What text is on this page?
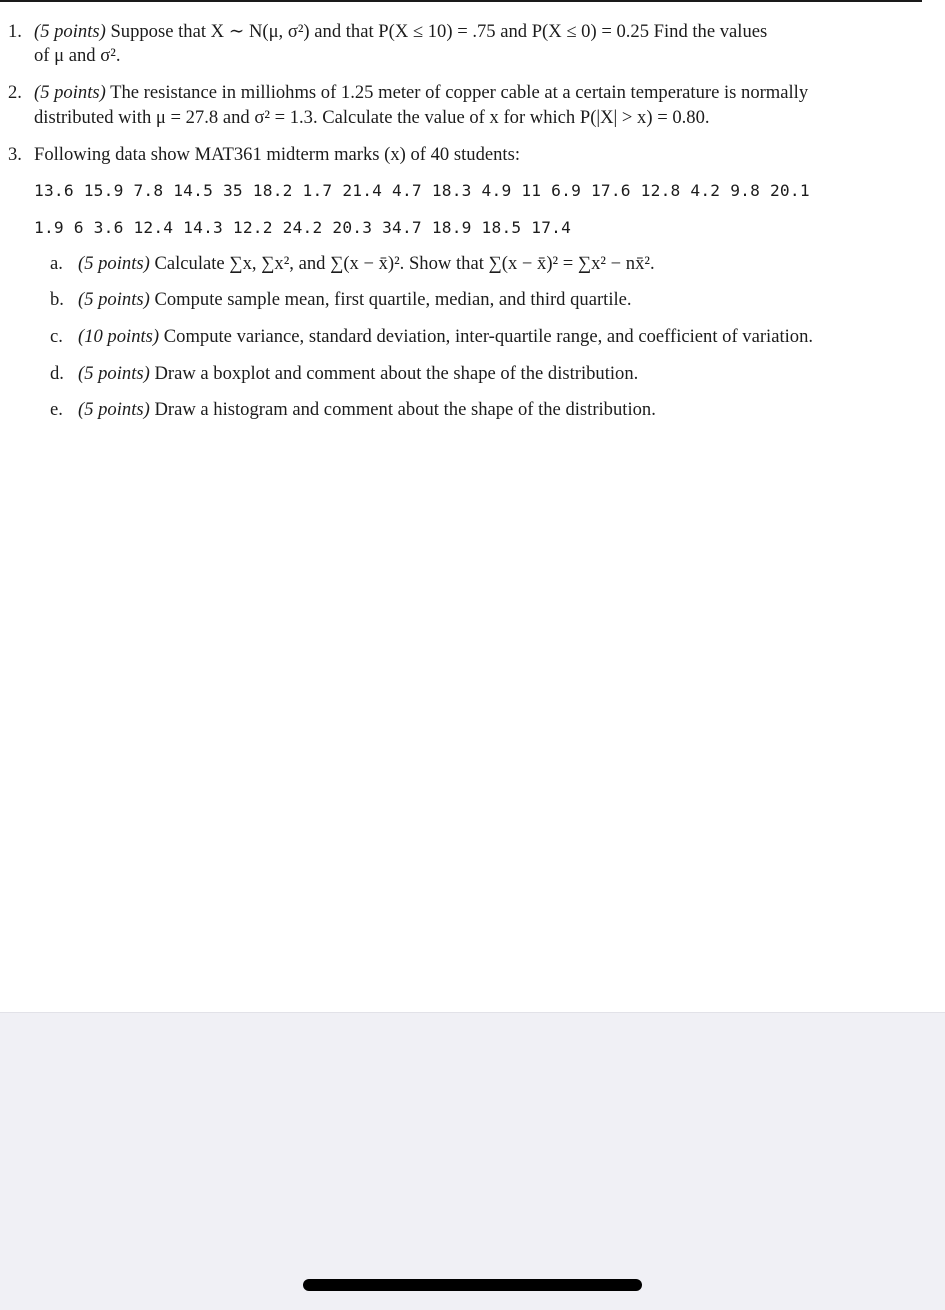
1. (5 points) Suppose that X ∼ N(μ, σ²) and that P(X ≤ 10) = .75 and P(X ≤ 0) = 0.25 Find the values
of μ and σ².
2. (5 points) The resistance in milliohms of 1.25 meter of copper cable at a certain temperature is normally
distributed with μ = 27.8 and σ² = 1.3. Calculate the value of x for which P(|X| > x) = 0.80.
3. Following data show MAT361 midterm marks (x) of 40 students:
13.6 15.9 7.8 14.5 35 18.2 1.7 21.4 4.7 18.3 4.9 11 6.9 17.6 12.8 4.2 9.8 20.1
1.9 6 3.6 12.4 14.3 12.2 24.2 20.3 34.7 18.9 18.5 17.4
a. (5 points) Calculate ∑x, ∑x², and ∑(x − x̄)². Show that ∑(x − x̄)² = ∑x² − nx̄².
b. (5 points) Compute sample mean, first quartile, median, and third quartile.
c. (10 points) Compute variance, standard deviation, inter-quartile range, and coefficient of variation.
d. (5 points) Draw a boxplot and comment about the shape of the distribution.
e. (5 points) Draw a histogram and comment about the shape of the distribution.
